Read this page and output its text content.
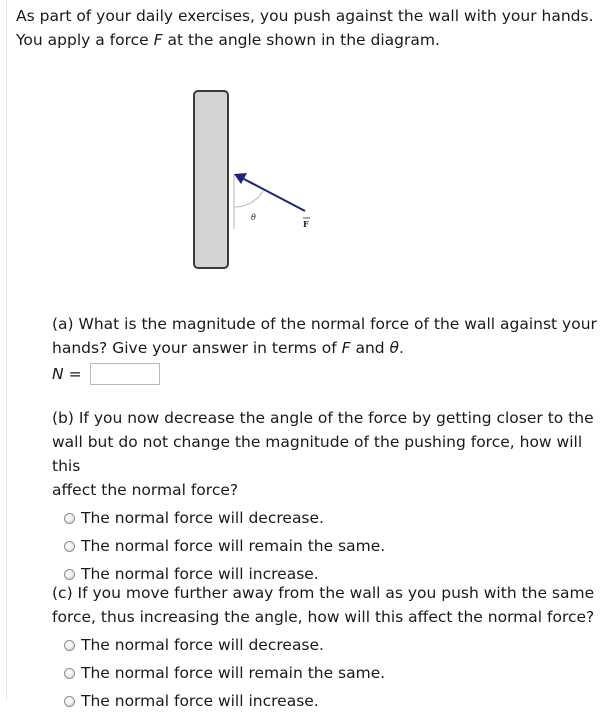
As part of your daily exercises, you push against the wall with your hands.
You apply a force F at the angle shown in the diagram.
θ
F
(a) What is the magnitude of the normal force of the wall against your
hands? Give your answer in terms of F and θ.
N =
(b) If you now decrease the angle of the force by getting closer to the
wall but do not change the magnitude of the pushing force, how will this
affect the normal force?
The normal force will decrease.
The normal force will remain the same.
The normal force will increase.
(c) If you move further away from the wall as you push with the same
force, thus increasing the angle, how will this affect the normal force?
The normal force will decrease.
The normal force will remain the same.
The normal force will increase.
